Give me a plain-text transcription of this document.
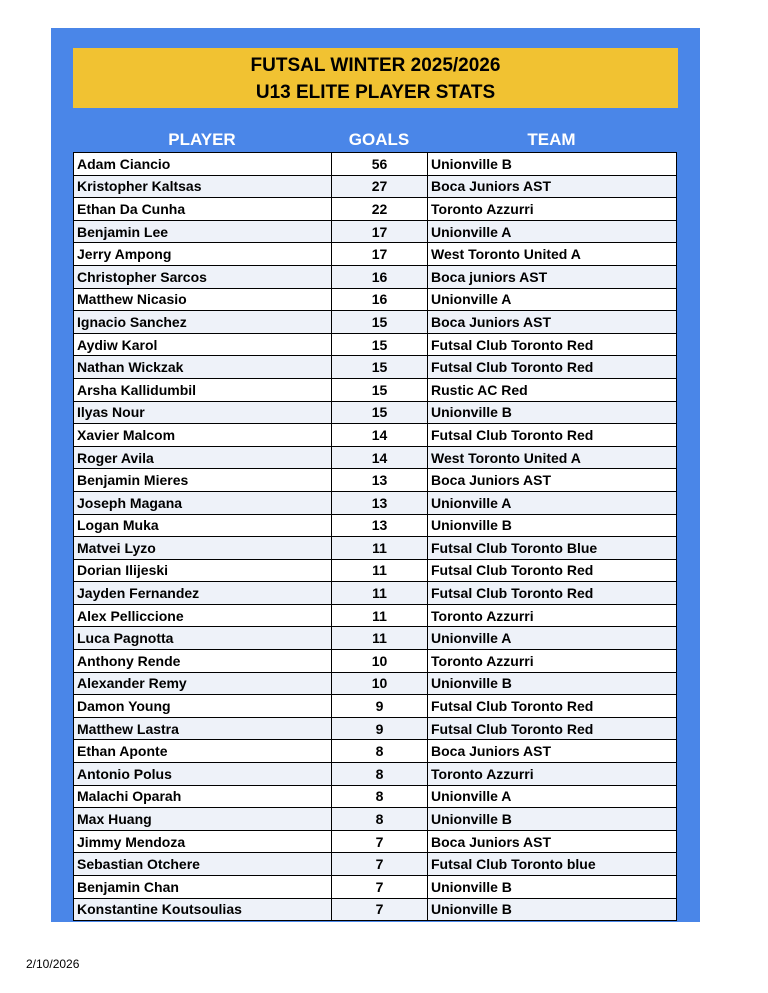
FUTSAL WINTER 2025/2026
U13 ELITE PLAYER STATS
PLAYER	GOALS	TEAM
Adam Ciancio	56	Unionville B
Kristopher Kaltsas	27	Boca Juniors AST
Ethan Da Cunha	22	Toronto Azzurri
Benjamin Lee	17	Unionville A
Jerry Ampong	17	West Toronto United A
Christopher Sarcos	16	Boca juniors AST
Matthew Nicasio	16	Unionville A
Ignacio Sanchez	15	Boca Juniors AST
Aydiw Karol	15	Futsal Club Toronto Red
Nathan Wickzak	15	Futsal Club Toronto Red
Arsha Kallidumbil	15	Rustic AC Red
Ilyas Nour	15	Unionville B
Xavier Malcom	14	Futsal Club Toronto Red
Roger Avila	14	West Toronto United A
Benjamin Mieres	13	Boca Juniors AST
Joseph Magana	13	Unionville A
Logan Muka	13	Unionville B
Matvei Lyzo	11	Futsal Club Toronto Blue
Dorian Ilijeski	11	Futsal Club Toronto Red
Jayden Fernandez	11	Futsal Club Toronto Red
Alex Pelliccione	11	Toronto Azzurri
Luca Pagnotta	11	Unionville A
Anthony Rende	10	Toronto Azzurri
Alexander Remy	10	Unionville B
Damon Young	9	Futsal Club Toronto Red
Matthew Lastra	9	Futsal Club Toronto Red
Ethan Aponte	8	Boca Juniors AST
Antonio Polus	8	Toronto Azzurri
Malachi Oparah	8	Unionville A
Max Huang	8	Unionville B
Jimmy Mendoza	7	Boca Juniors AST
Sebastian Otchere	7	Futsal Club Toronto blue
Benjamin Chan	7	Unionville B
Konstantine Koutsoulias	7	Unionville B
2/10/2026
